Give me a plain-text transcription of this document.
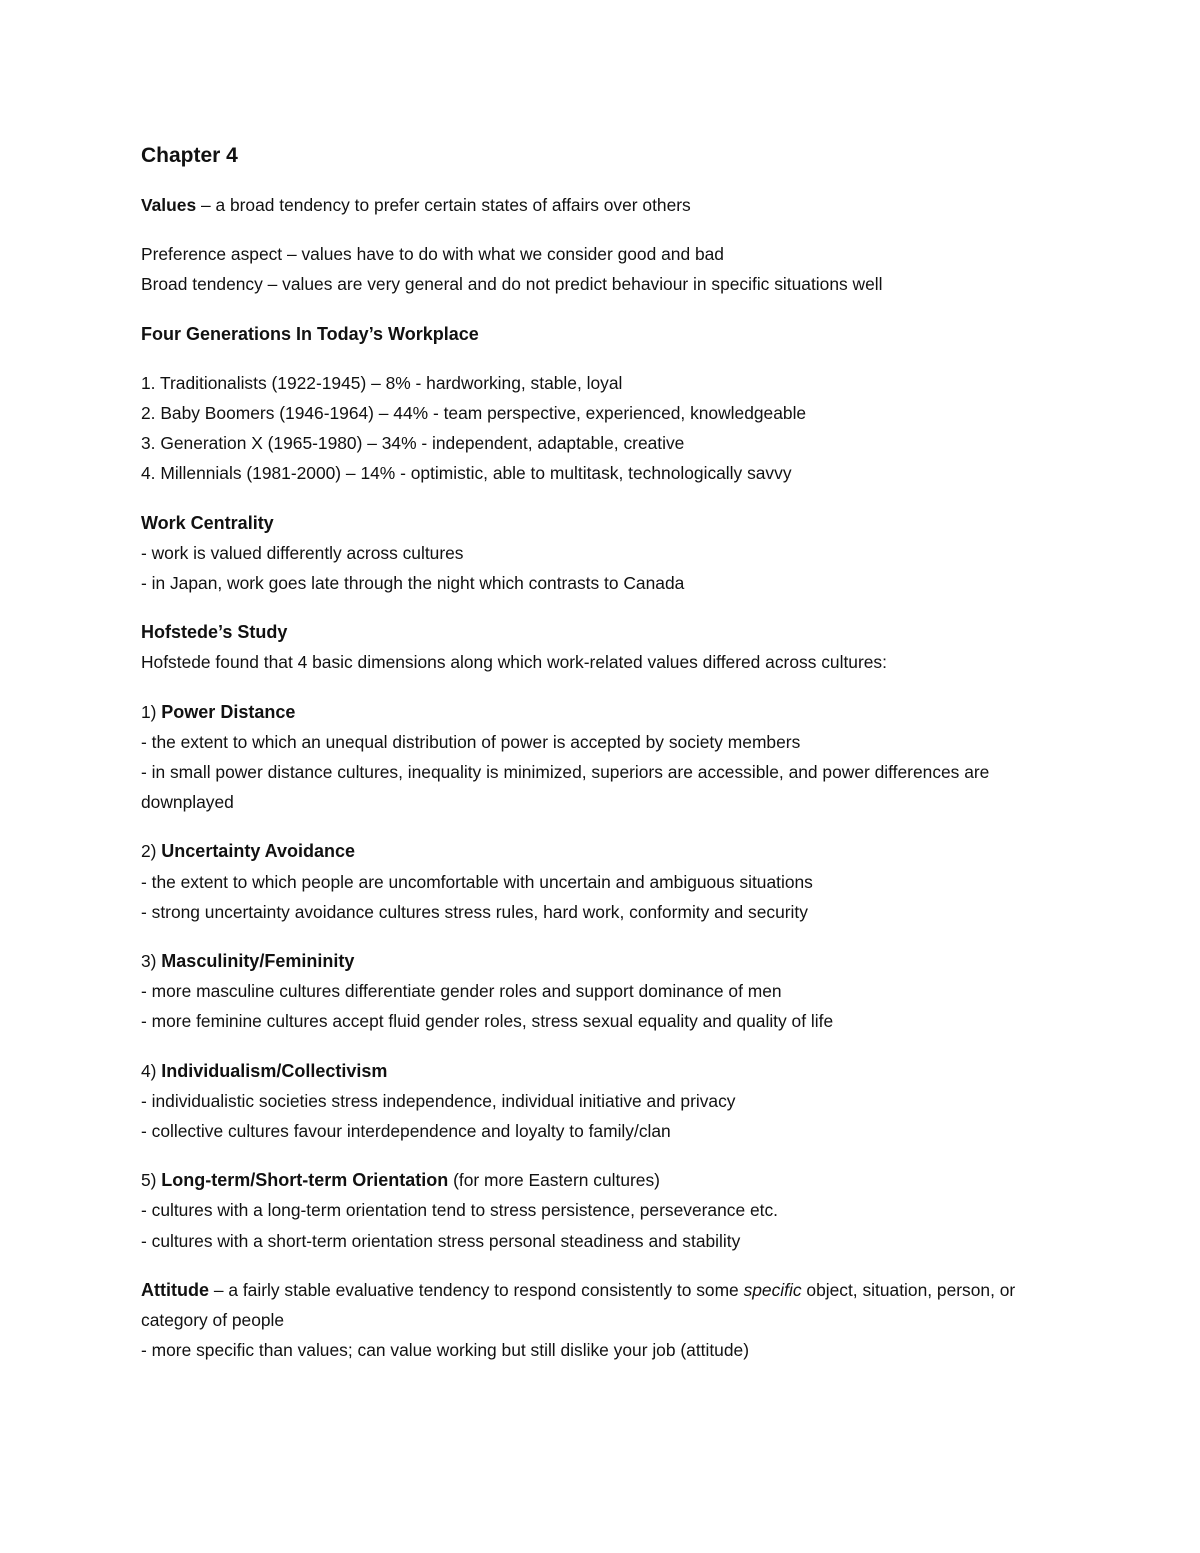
Chapter 4
Values – a broad tendency to prefer certain states of affairs over others
Preference aspect – values have to do with what we consider good and bad
Broad tendency – values are very general and do not predict behaviour in specific situations well
Four Generations In Today’s Workplace
1. Traditionalists (1922-1945) – 8% - hardworking, stable, loyal
2. Baby Boomers (1946-1964) – 44% - team perspective, experienced, knowledgeable
3. Generation X (1965-1980) – 34% - independent, adaptable, creative
4. Millennials (1981-2000) – 14% - optimistic, able to multitask, technologically savvy
Work Centrality
- work is valued differently across cultures
- in Japan, work goes late through the night which contrasts to Canada
Hofstede’s Study
Hofstede found that 4 basic dimensions along which work-related values differed across cultures:
1) Power Distance
- the extent to which an unequal distribution of power is accepted by society members
- in small power distance cultures, inequality is minimized, superiors are accessible, and power differences are downplayed
2) Uncertainty Avoidance
- the extent to which people are uncomfortable with uncertain and ambiguous situations
- strong uncertainty avoidance cultures stress rules, hard work, conformity and security
3) Masculinity/Femininity
- more masculine cultures differentiate gender roles and support dominance of men
- more feminine cultures accept fluid gender roles, stress sexual equality and quality of life
4) Individualism/Collectivism
- individualistic societies stress independence, individual initiative and privacy
- collective cultures favour interdependence and loyalty to family/clan
5) Long-term/Short-term Orientation (for more Eastern cultures)
- cultures with a long-term orientation tend to stress persistence, perseverance etc.
- cultures with a short-term orientation stress personal steadiness and stability
Attitude – a fairly stable evaluative tendency to respond consistently to some specific object, situation, person, or category of people
- more specific than values; can value working but still dislike your job (attitude)
